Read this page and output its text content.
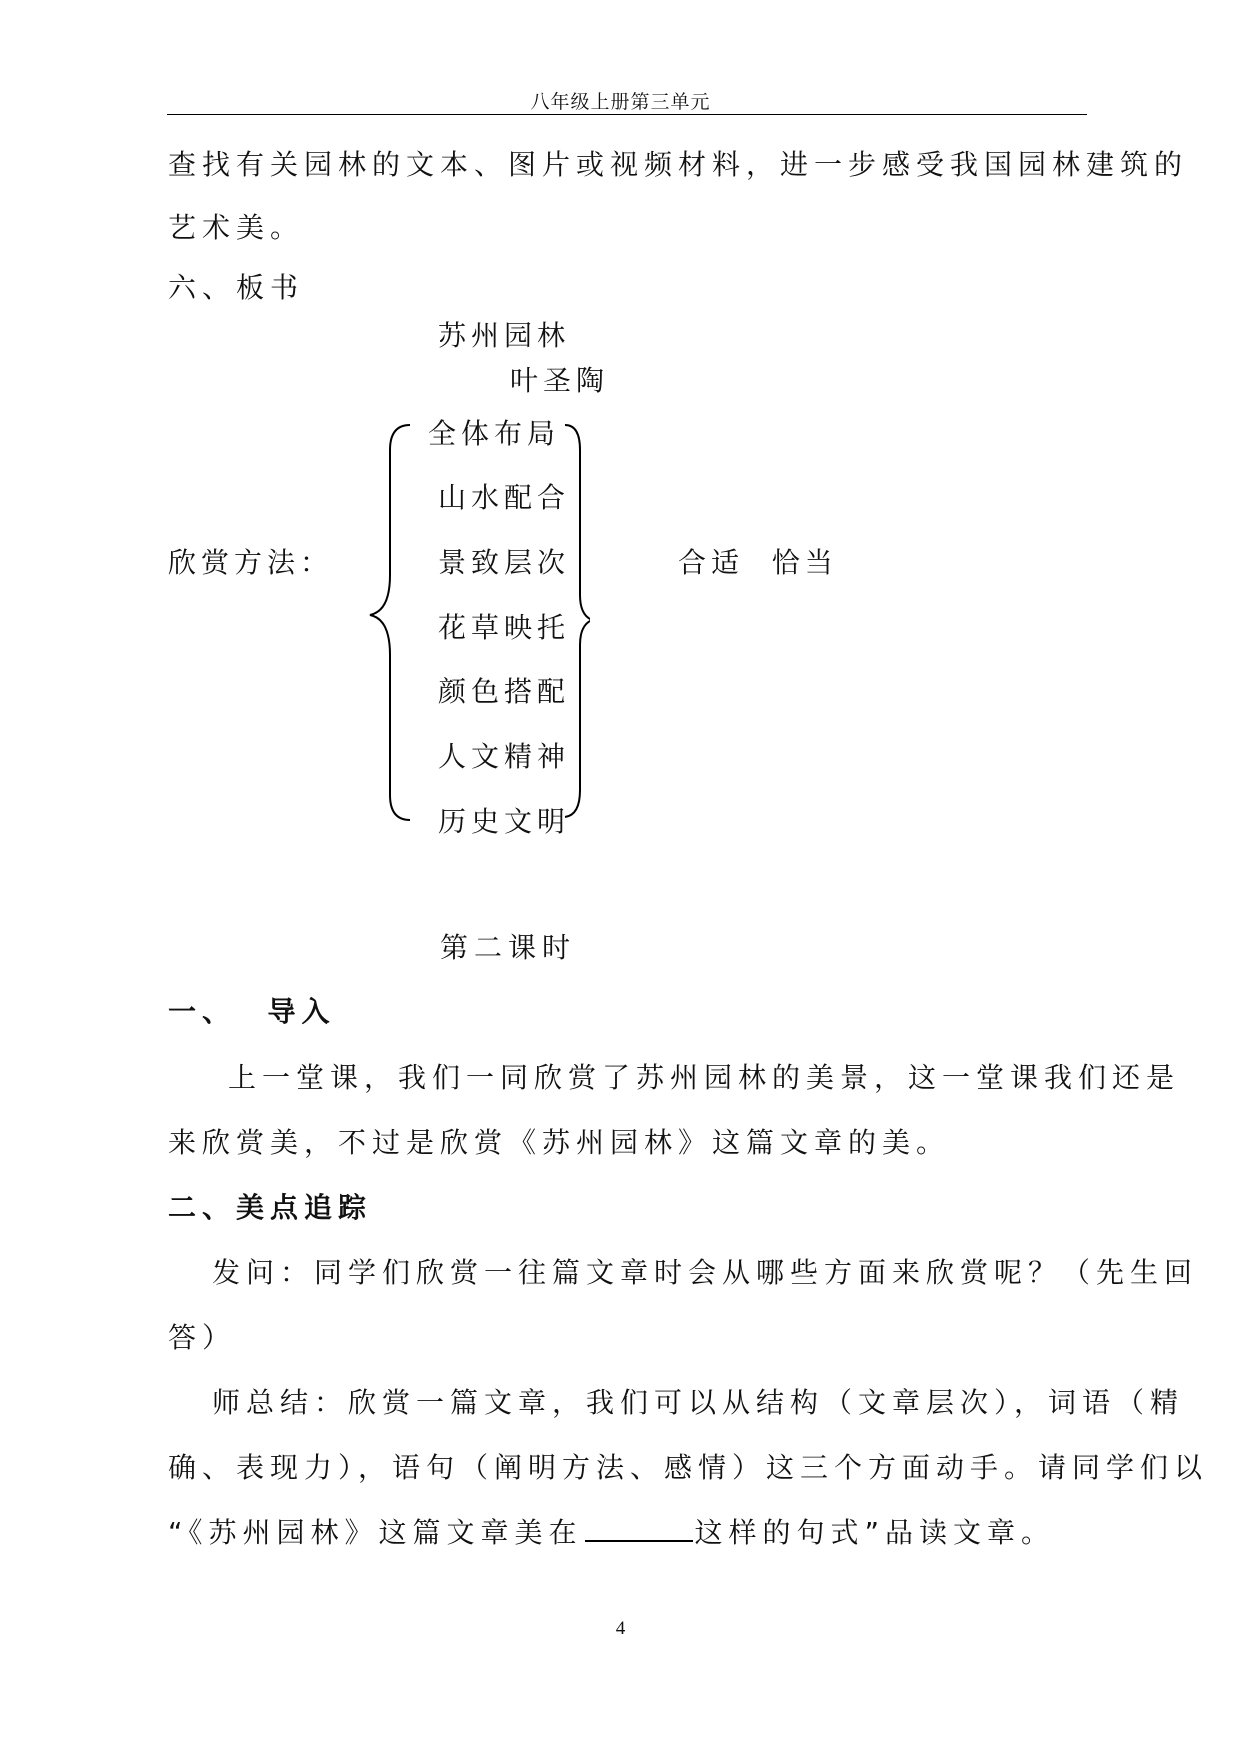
八年级上册第三单元
查找有关园林的文本、图片或视频材料，进一步感受我国园林建筑的
艺术美。
六、板书
苏州园林
叶圣陶
欣赏方法：
全体布局
山水配合
景致层次
花草映托
颜色搭配
人文精神
历史文明
合适  恰当
第二课时
一、  导入
上一堂课，我们一同欣赏了苏州园林的美景，这一堂课我们还是
来欣赏美，不过是欣赏《苏州园林》这篇文章的美。
二、美点追踪
发问：同学们欣赏一往篇文章时会从哪些方面来欣赏呢？（先生回
答）
师总结：欣赏一篇文章，我们可以从结构（文章层次），词语（精
确、表现力），语句（阐明方法、感情）这三个方面动手。请同学们以
“《苏州园林》这篇文章美在	这样的句式”品读文章。
4
